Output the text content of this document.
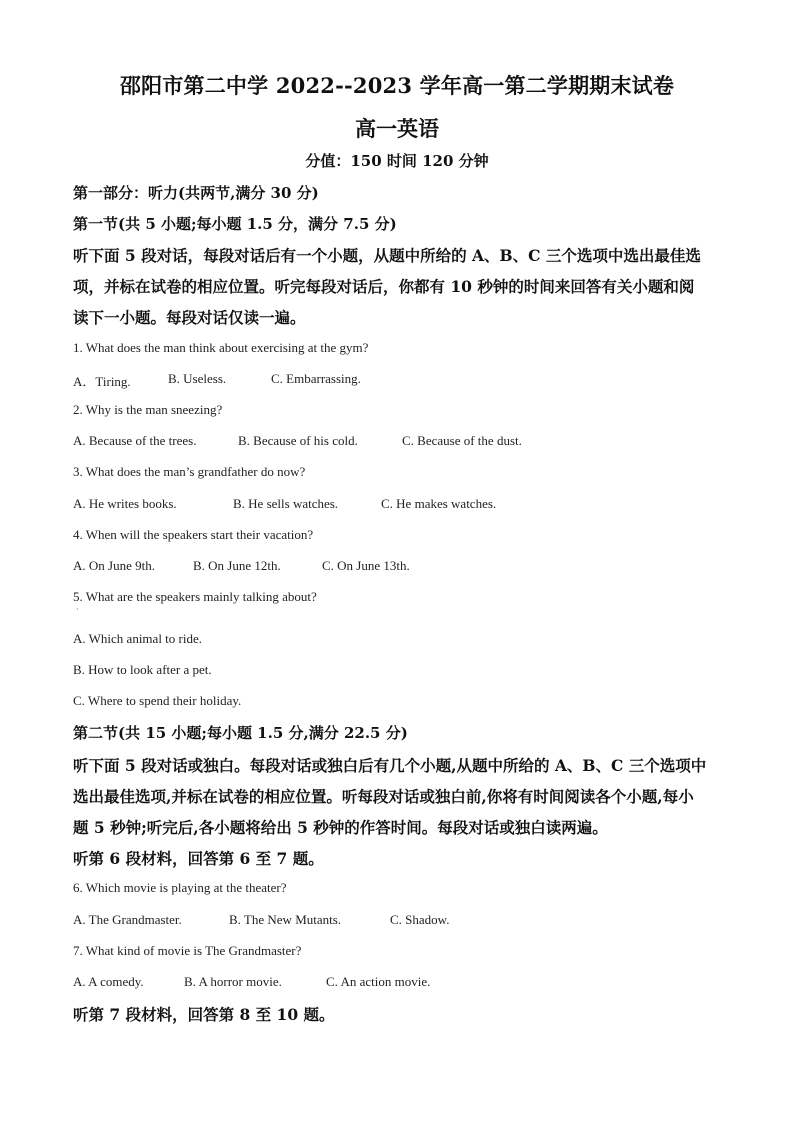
邵阳市第二中学 2022--2023 学年高一第二学期期末试卷
高一英语
分值：150 时间 120 分钟
第一部分：听力(共两节,满分 30 分)
第一节(共 5 小题;每小题 1.5 分，满分 7.5 分)
听下面 5 段对话，每段对话后有一个小题，从题中所给的 A、B、C 三个选项中选出最佳选
项，并标在试卷的相应位置。听完每段对话后，你都有 10 秒钟的时间来回答有关小题和阅
读下一小题。每段对话仅读一遍。
1. What does the man think about exercising at the gym?
A．Tiring.	B. Useless.	C. Embarrassing.
2. Why is the man sneezing?
A. Because of the trees.	B. Because of his cold.	C. Because of the dust.
3. What does the man’s grandfather do now?
A. He writes books.	B. He sells watches.	C. He makes watches.
4. When will the speakers start their vacation?
A. On June 9th.	B. On June 12th.	C. On June 13th.
5. What are the speakers mainly talking about?
·
A. Which animal to ride.
B. How to look after a pet.
C. Where to spend their holiday.
第二节(共 15 小题;每小题 1.5 分,满分 22.5 分)
听下面 5 段对话或独白。每段对话或独白后有几个小题,从题中所给的 A、B、C 三个选项中
选出最佳选项,并标在试卷的相应位置。听每段对话或独白前,你将有时间阅读各个小题,每小
题 5 秒钟;听完后,各小题将给出 5 秒钟的作答时间。每段对话或独白读两遍。
听第 6 段材料，回答第 6 至 7 题。
6. Which movie is playing at the theater?
A. The Grandmaster.	B. The New Mutants.	C. Shadow.
7. What kind of movie is The Grandmaster?
A. A comedy.	B. A horror movie.	C. An action movie.
听第 7 段材料，回答第 8 至 10 题。
